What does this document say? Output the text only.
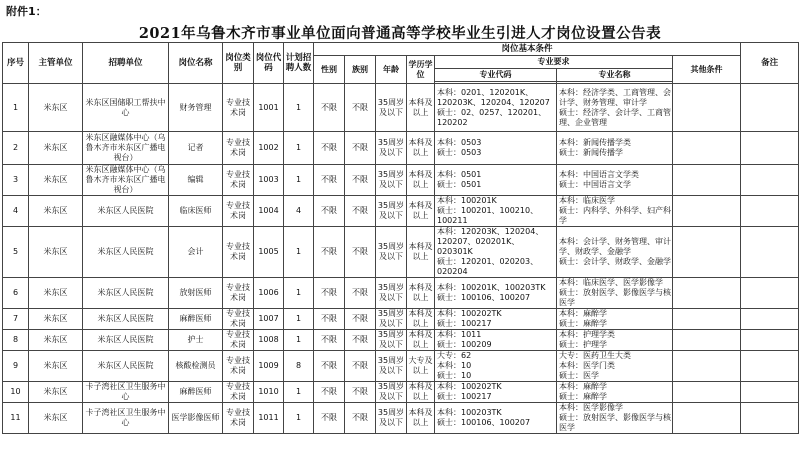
附件1：
2021年乌鲁木齐市事业单位面向普通高等学校毕业生引进人才岗位设置公告表
序号	主管单位	招聘单位	岗位名称	岗位类别	岗位代码	计划招聘人数	岗位基本条件							备注
							性别	族别	年龄	学历学位	专业要求		其他条件	
											专业代码	专业名称		

1	米东区	米东区国储职工帮扶中心	财务管理	专业技术岗	1001	1	不限	不限	35周岁及以下	本科及以上	本科：0201、120201K、120203K、120204、120207
硕士：02、0257、120201、120202	本科：经济学类、工商管理、会计学、财务管理、审计学
硕士：经济学、会计学、工商管理、企业管理		
2	米东区	米东区融媒体中心（乌鲁木齐市米东区广播电视台）	记者	专业技术岗	1002	1	不限	不限	35周岁及以下	本科及以上	本科：0503
硕士：0503	本科：新闻传播学类
硕士：新闻传播学		
3	米东区	米东区融媒体中心（乌鲁木齐市米东区广播电视台）	编辑	专业技术岗	1003	1	不限	不限	35周岁及以下	本科及以上	本科：0501
硕士：0501	本科：中国语言文学类
硕士：中国语言文学		
4	米东区	米东区人民医院	临床医师	专业技术岗	1004	4	不限	不限	35周岁及以下	本科及以上	本科：100201K
硕士：100201、100210、100211	本科：临床医学
硕士：内科学、外科学、妇产科学		
5	米东区	米东区人民医院	会计	专业技术岗	1005	1	不限	不限	35周岁及以下	本科及以上	本科：120203K、120204、120207、020201K、020301K
硕士：120201、020203、020204	本科：会计学、财务管理、审计学、财政学、金融学
硕士：会计学、财政学、金融学		
6	米东区	米东区人民医院	放射医师	专业技术岗	1006	1	不限	不限	35周岁及以下	本科及以上	本科：100201K、100203TK
硕士：100106、100207	本科：临床医学、医学影像学
硕士：放射医学、影像医学与核医学		
7	米东区	米东区人民医院	麻醉医师	专业技术岗	1007	1	不限	不限	35周岁及以下	本科及以上	本科：100202TK
硕士：100217	本科：麻醉学
硕士：麻醉学		
8	米东区	米东区人民医院	护士	专业技术岗	1008	1	不限	不限	35周岁及以下	本科及以上	本科：1011
硕士：100209	本科：护理学类
硕士：护理学		
9	米东区	米东区人民医院	核酸检测员	专业技术岗	1009	8	不限	不限	35周岁及以下	大专及以上	大专：62
本科：10
硕士：10	大专：医药卫生大类
本科：医学门类
硕士：医学		
10	米东区	卡子湾社区卫生服务中心	麻醉医师	专业技术岗	1010	1	不限	不限	35周岁及以下	本科及以上	本科：100202TK
硕士：100217	本科：麻醉学
硕士：麻醉学		
11	米东区	卡子湾社区卫生服务中心	医学影像医师	专业技术岗	1011	1	不限	不限	35周岁及以下	本科及以上	本科：100203TK
硕士：100106、100207	本科：医学影像学
硕士：放射医学、影像医学与核医学		
